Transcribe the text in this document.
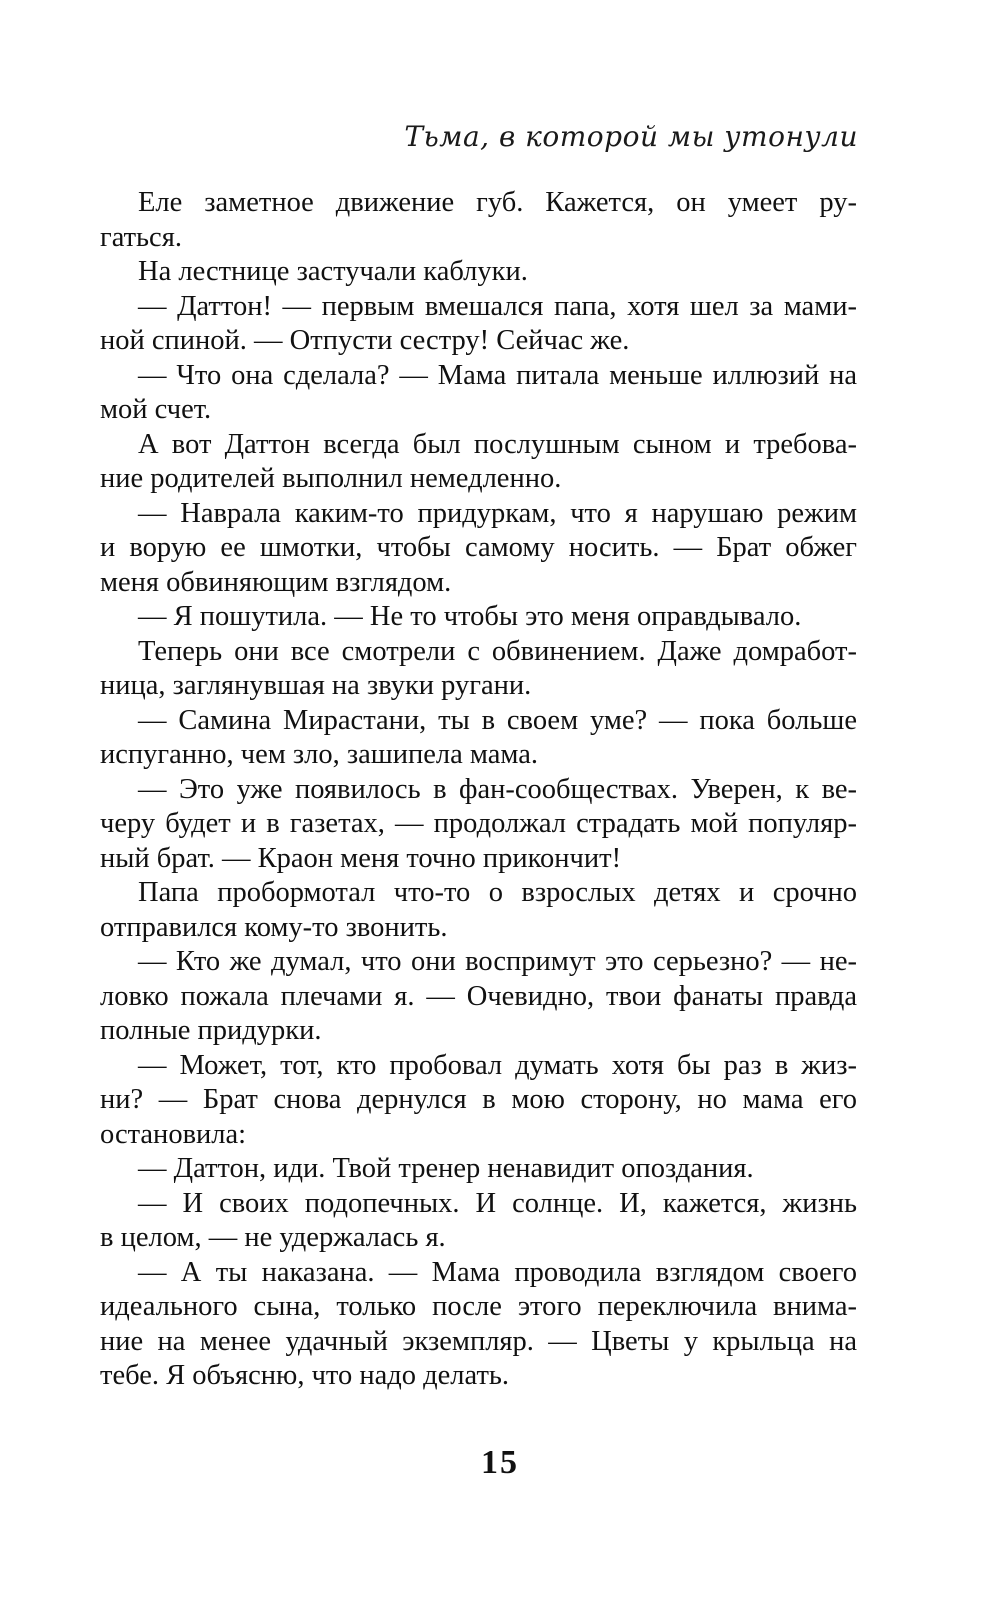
Тьма, в которой мы утонули
Еле заметное движение губ. Кажется, он умеет ру-
гаться.
На лестнице застучали каблуки.
— Даттон! — первым вмешался папа, хотя шел за мами-
ной спиной. — Отпусти сестру! Сейчас же.
— Что она сделала? — Мама питала меньше иллюзий на
мой счет.
А вот Даттон всегда был послушным сыном и требова-
ние родителей выполнил немедленно.
— Наврала каким-то придуркам, что я нарушаю режим
и ворую ее шмотки, чтобы самому носить. — Брат обжег
меня обвиняющим взглядом.
— Я пошутила. — Не то чтобы это меня оправдывало.
Теперь они все смотрели с обвинением. Даже домработ-
ница, заглянувшая на звуки ругани.
— Самина Мирастани, ты в своем уме? — пока больше
испуганно, чем зло, зашипела мама.
— Это уже появилось в фан-сообществах. Уверен, к ве-
черу будет и в газетах, — продолжал страдать мой популяр-
ный брат. — Краон меня точно прикончит!
Папа пробормотал что-то о взрослых детях и срочно
отправился кому-то звонить.
— Кто же думал, что они воспримут это серьезно? — не-
ловко пожала плечами я. — Очевидно, твои фанаты правда
полные придурки.
— Может, тот, кто пробовал думать хотя бы раз в жиз-
ни? — Брат снова дернулся в мою сторону, но мама его
остановила:
— Даттон, иди. Твой тренер ненавидит опоздания.
— И своих подопечных. И солнце. И, кажется, жизнь
в целом, — не удержалась я.
— А ты наказана. — Мама проводила взглядом своего
идеального сына, только после этого переключила внима-
ние на менее удачный экземпляр. — Цветы у крыльца на
тебе. Я объясню, что надо делать.
15
